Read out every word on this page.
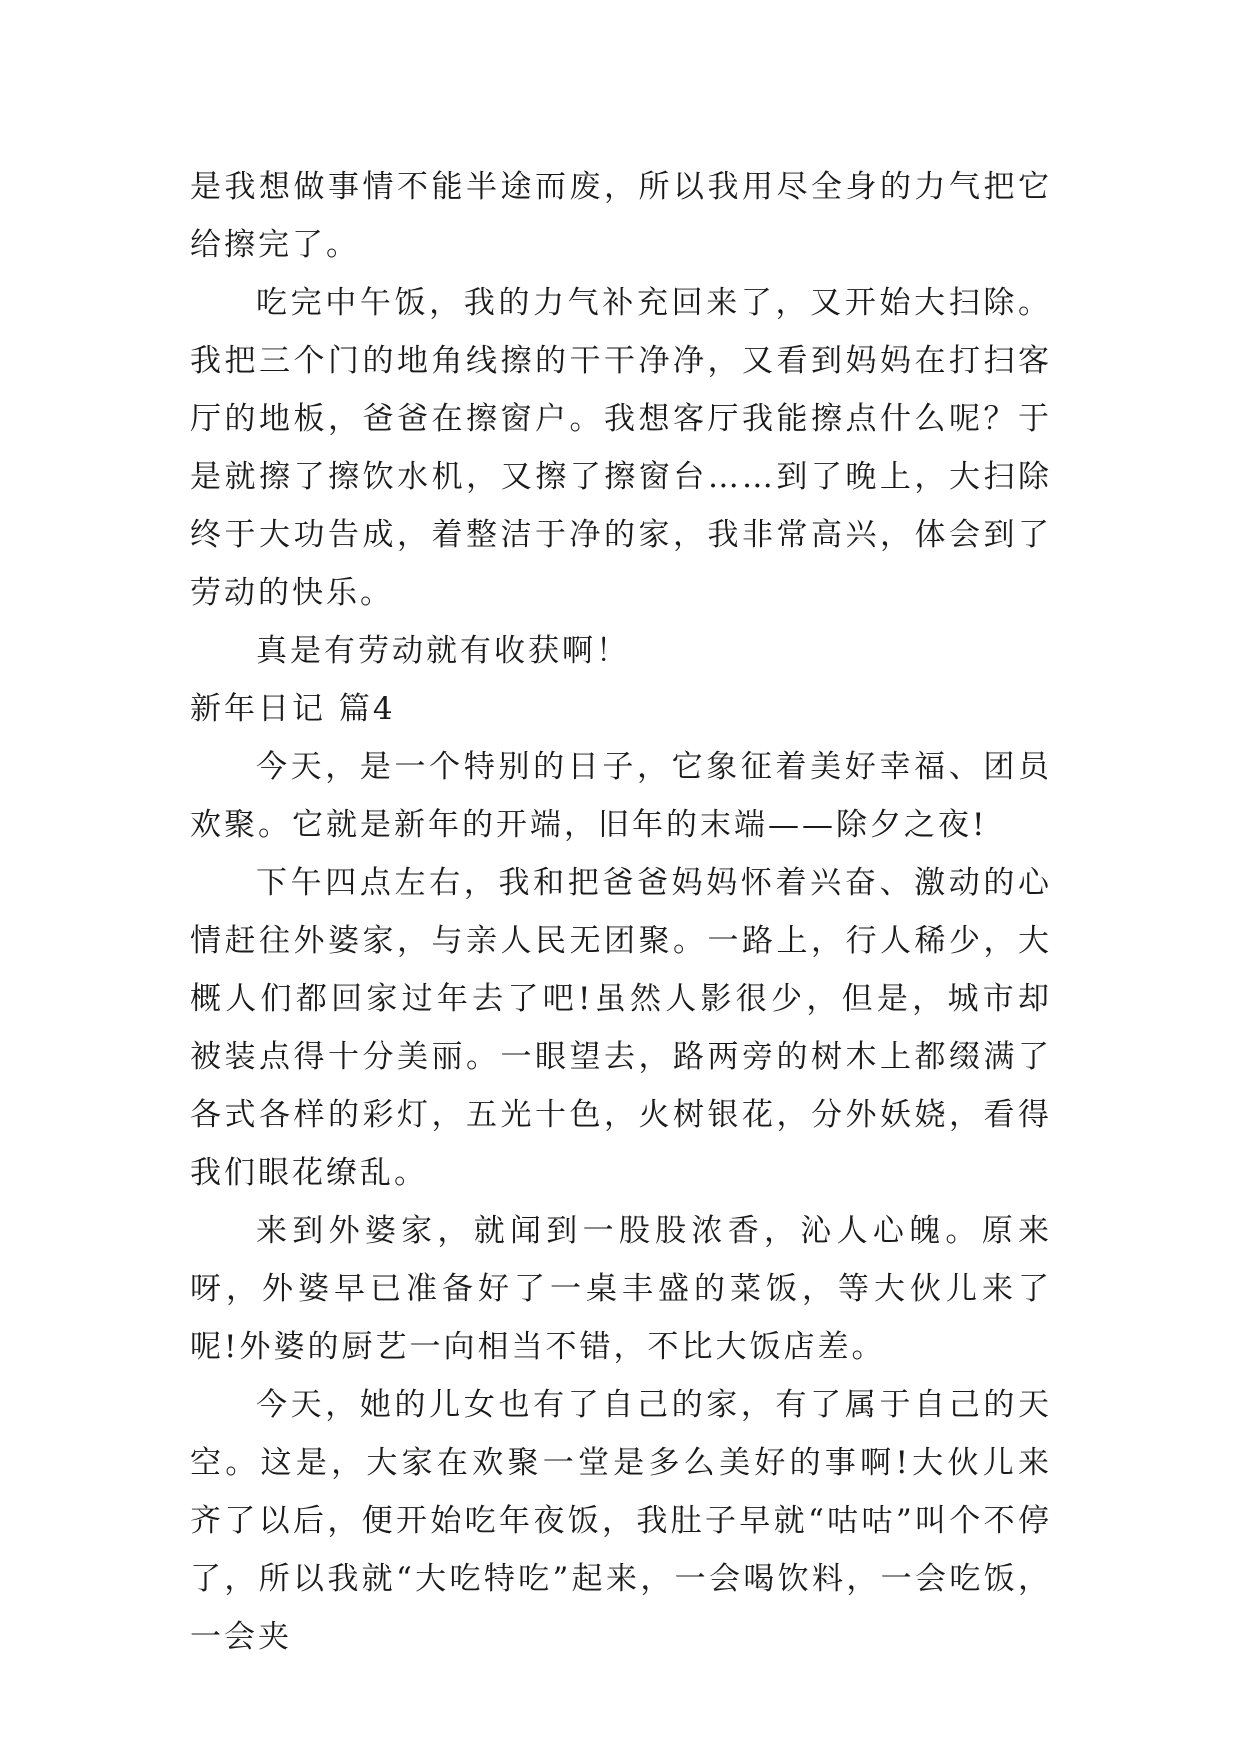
是我想做事情不能半途而废，所以我用尽全身的力气把它给擦完了。

吃完中午饭，我的力气补充回来了，又开始大扫除。我把三个门的地角线擦的干干净净，又看到妈妈在打扫客厅的地板，爸爸在擦窗户。我想客厅我能擦点什么呢？于是就擦了擦饮水机，又擦了擦窗台……到了晚上，大扫除终于大功告成，着整洁于净的家，我非常高兴，体会到了劳动的快乐。

真是有劳动就有收获啊！

新年日记 篇4

今天，是一个特别的日子，它象征着美好幸福、团员欢聚。它就是新年的开端，旧年的末端——除夕之夜!

下午四点左右，我和把爸爸妈妈怀着兴奋、激动的心情赶往外婆家，与亲人民无团聚。一路上，行人稀少，大概人们都回家过年去了吧!虽然人影很少，但是，城市却被装点得十分美丽。一眼望去，路两旁的树木上都缀满了各式各样的彩灯，五光十色，火树银花，分外妖娆，看得我们眼花缭乱。

来到外婆家，就闻到一股股浓香，沁人心魄。原来呀，外婆早已准备好了一桌丰盛的菜饭，等大伙儿来了呢!外婆的厨艺一向相当不错，不比大饭店差。

今天，她的儿女也有了自己的家，有了属于自己的天空。这是，大家在欢聚一堂是多么美好的事啊!大伙儿来齐了以后，便开始吃年夜饭，我肚子早就“咕咕”叫个不停了，所以我就“大吃特吃”起来，一会喝饮料，一会吃饭，一会夹
